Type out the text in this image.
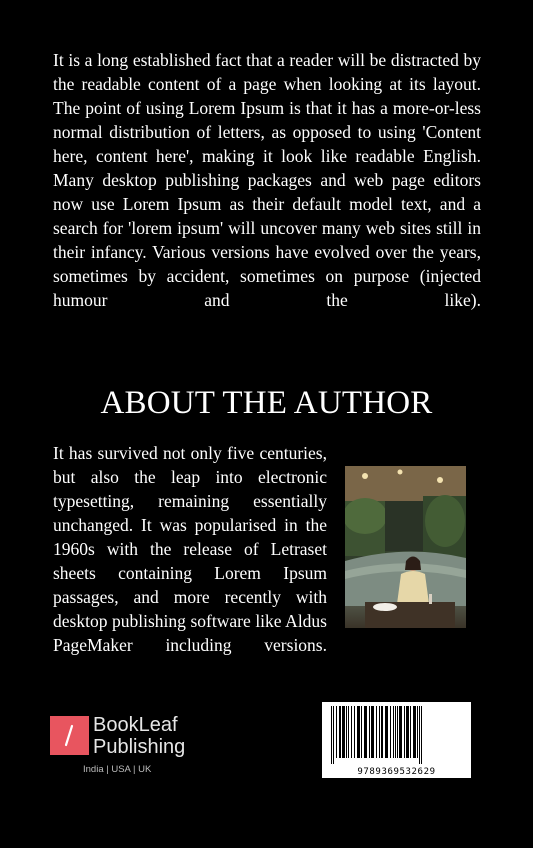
It is a long established fact that a reader will be distracted by the readable content of a page when looking at its layout. The point of using Lorem Ipsum is that it has a more-or-less normal distribution of letters, as opposed to using 'Content here, content here', making it look like readable English. Many desktop publishing packages and web page editors now use Lorem Ipsum as their default model text, and a search for 'lorem ipsum' will uncover many web sites still in their infancy. Various versions have evolved over the years, sometimes by accident, sometimes on purpose (injected humour and the like).

ABOUT THE AUTHOR

It has survived not only five centuries, but also the leap into electronic typesetting, remaining essentially unchanged. It was popularised in the 1960s with the release of Letraset sheets containing Lorem Ipsum passages, and more recently with desktop publishing software like Aldus PageMaker including versions.

BookLeaf
Publishing
India | USA | UK	9789369532629
